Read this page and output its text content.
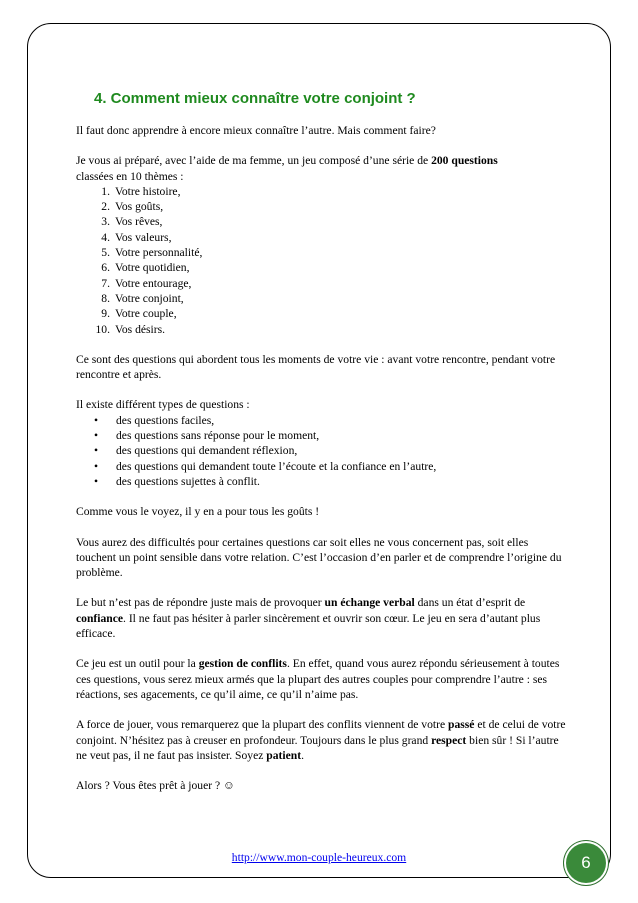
4. Comment mieux connaître votre conjoint ?

Il faut donc apprendre à encore mieux connaître l’autre. Mais comment faire?

Je vous ai préparé, avec l’aide de ma femme, un jeu composé d’une série de 200 questions
classées en 10 thèmes :

1. Votre histoire,
2. Vos goûts,
3. Vos rêves,
4. Vos valeurs,
5. Votre personnalité,
6. Votre quotidien,
7. Votre entourage,
8. Votre conjoint,
9. Votre couple,
10. Vos désirs.

Ce sont des questions qui abordent tous les moments de votre vie : avant votre rencontre, pendant votre rencontre et après.

Il existe différent types de questions :

•	des questions faciles,
•	des questions sans réponse pour le moment,
•	des questions qui demandent réflexion,
•	des questions qui demandent toute l’écoute et la confiance en l’autre,
•	des questions sujettes à conflit.

Comme vous le voyez, il y en a pour tous les goûts !

Vous aurez des difficultés pour certaines questions car soit elles ne vous concernent pas, soit elles touchent un point sensible dans votre relation. C’est l’occasion d’en parler et de comprendre l’origine du problème.

Le but n’est pas de répondre juste mais de provoquer un échange verbal dans un état d’esprit de confiance. Il ne faut pas hésiter à parler sincèrement et ouvrir son cœur. Le jeu en sera d’autant plus efficace.

Ce jeu est un outil pour la gestion de conflits. En effet, quand vous aurez répondu sérieusement à toutes ces questions, vous serez mieux armés que la plupart des autres couples pour comprendre l’autre : ses réactions, ses agacements, ce qu’il aime, ce qu’il n’aime pas.

A force de jouer, vous remarquerez que la plupart des conflits viennent de votre passé et de celui de votre conjoint. N’hésitez pas à creuser en profondeur. Toujours dans le plus grand respect bien sûr ! Si l’autre ne veut pas, il ne faut pas insister. Soyez patient.

Alors ? Vous êtes prêt à jouer ? ☺

http://www.mon-couple-heureux.com	6
